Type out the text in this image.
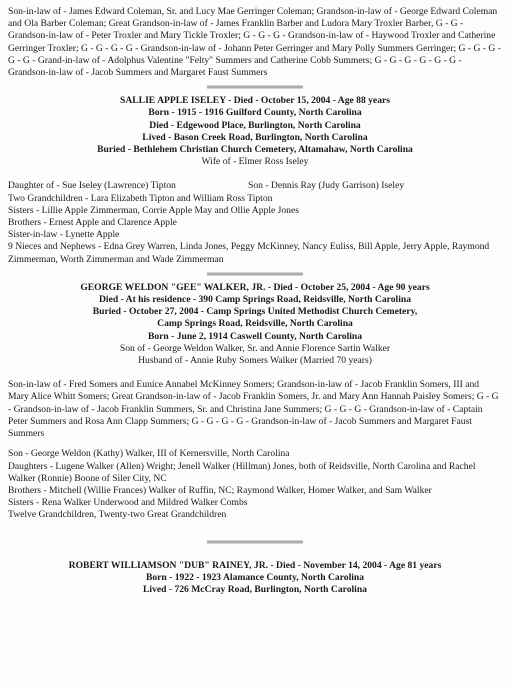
Son-in-law of - James Edward Coleman, Sr. and Lucy Mae Gerringer Coleman; Grandson-in-law of - George Edward Coleman and Ola Barber Coleman; Great Grandson-in-law of - James Franklin Barber and Ludora Mary Troxler Barber, G - G - Grandson-in-law of - Peter Troxler and Mary Tickle Troxler; G - G - G - Grandson-in-law of - Haywood Troxler and Catherine Gerringer Troxler; G - G - G - G - Grandson-in-law of - Johann Peter Gerringer and Mary Polly Summers Gerringer; G - G - G - G - G - Grand-in-law of - Adolphus Valentine "Felty" Summers and Catherine Cobb Summers; G - G - G - G - G - G - Grandson-in-law of - Jacob Summers and Margaret Faust Summers

SALLIE APPLE ISELEY - Died - October 15, 2004 - Age 88 years

Born - 1915 - 1916 Guilford County, North Carolina

Died - Edgewood Place, Burlington, North Carolina

Lived - Bason Creek Road, Burlington, North Carolina

Buried - Bethlehem Christian Church Cemetery, Altamahaw, North Carolina

Wife of - Elmer Ross Iseley

Daughter of - Sue Iseley (Lawrence) Tipton	Son - Dennis Ray (Judy Garrison) Iseley

Two Grandchildren - Lara Elizabeth Tipton and William Ross Tipton

Sisters - Lillie Apple Zimmerman, Corrie Apple May and Ollie Apple Jones

Brothers - Ernest Apple and Clarence Apple

Sister-in-law - Lynette Apple

9 Nieces and Nephews - Edna Grey Warren, Linda Jones, Peggy McKinney, Nancy Euliss, Bill Apple, Jerry Apple, Raymond Zimmerman, Worth Zimmerman and Wade Zimmerman

GEORGE WELDON "GEE" WALKER, JR. - Died - October 25, 2004 - Age 90 years

Died - At his residence - 390 Camp Springs Road, Reidsville, North Carolina

Buried - October 27, 2004 - Camp Springs United Methodist Church Cemetery,

Camp Springs Road, Reidsville, North Carolina

Born - June 2, 1914 Caswell County, North Carolina

Son of - George Weldon Walker, Sr. and Annie Florence Sartin Walker

Husband of - Annie Ruby Somers Walker (Married 70 years)

Son-in-law of - Fred Somers and Eunice Annabel McKinney Somers; Grandson-in-law of - Jacob Franklin Somers, III and Mary Alice Whitt Somers; Great Grandson-in-law of - Jacob Franklin Somers, Jr. and Mary Ann Hannah Paisley Somers; G - G - Grandson-in-law of - Jacob Franklin Summers, Sr. and Christina Jane Summers; G - G - G - Grandson-in-law of - Captain Peter Summers and Rosa Ann Clapp Summers; G - G - G - G - Grandson-in-law of - Jacob Summers and Margaret Faust Summers

Son - George Weldon (Kathy) Walker, III of Kernersville, North Carolina

Daughters - Lugene Walker (Allen) Wright; Jenell Walker (Hillman) Jones, both of Reidsville, North Carolina and Rachel Walker (Ronnie) Boone of Siler City, NC

Brothers - Mitchell (Willie Frances) Walker of Ruffin, NC; Raymond Walker, Homer Walker, and Sam Walker

Sisters - Rena Walker Underwood and Mildred Walker Combs

Twelve Grandchildren, Twenty-two Great Grandchildren

ROBERT WILLIAMSON "DUB" RAINEY, JR. - Died - November 14, 2004 - Age 81 years

Born - 1922 - 1923 Alamance County, North Carolina

Lived - 726 McCray Road, Burlington, North Carolina
